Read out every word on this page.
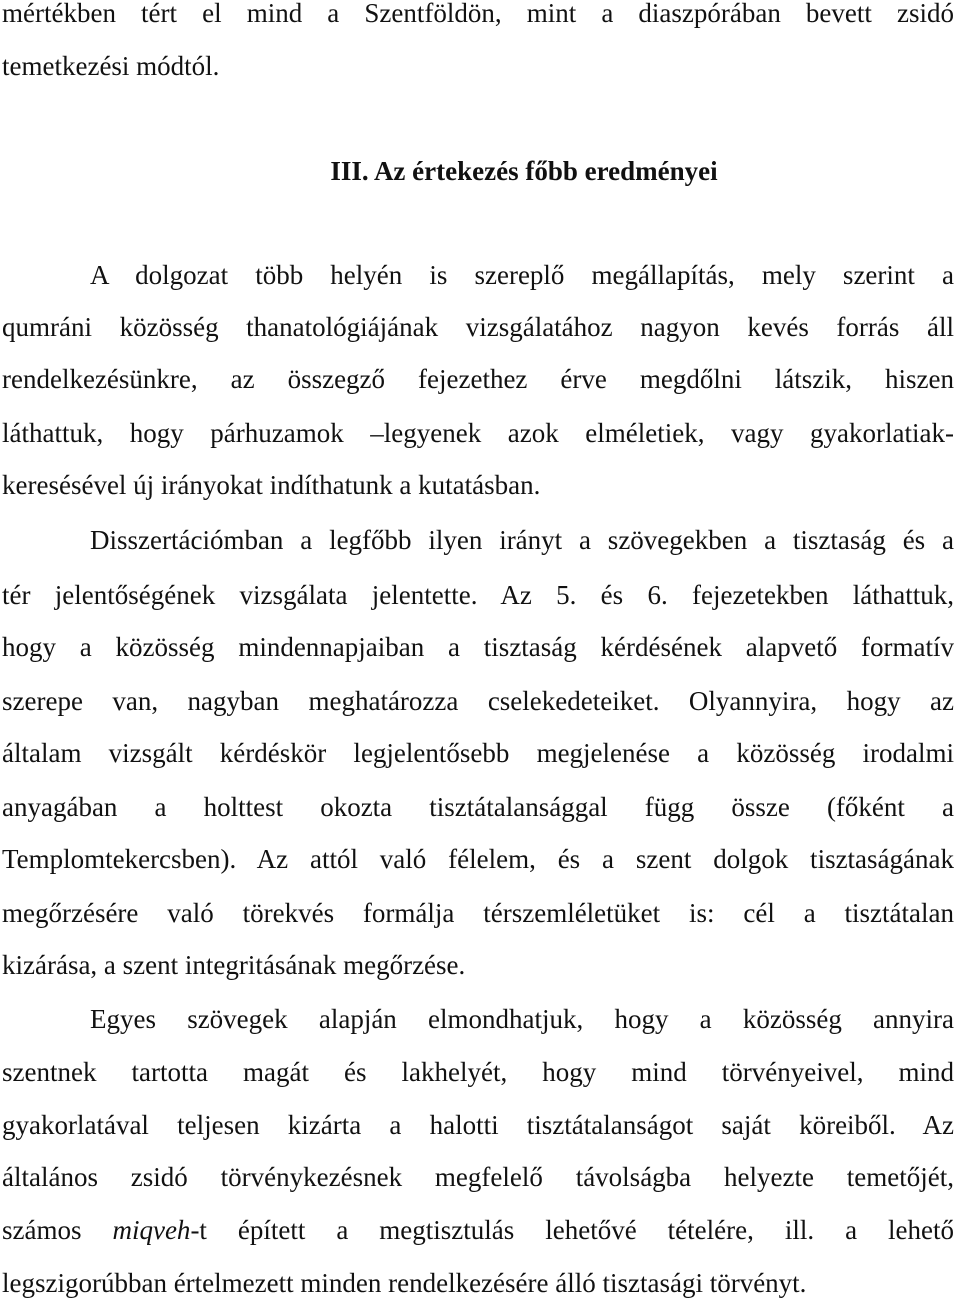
mértékben tért el mind a Szentföldön, mint a diaszpórában bevett zsidó
temetkezési módtól.
III. Az értekezés főbb eredményei
A dolgozat több helyén is szereplő megállapítás, mely szerint a
qumráni közösség thanatológiájának vizsgálatához nagyon kevés forrás áll
rendelkezésünkre, az összegző fejezethez érve megdőlni látszik, hiszen
láthattuk, hogy párhuzamok –legyenek azok elméletiek, vagy gyakorlatiak-
keresésével új irányokat indíthatunk a kutatásban.
Disszertációmban a legfőbb ilyen irányt a szövegekben a tisztaság és a
tér jelentőségének vizsgálata jelentette. Az 5. és 6. fejezetekben láthattuk,
hogy a közösség mindennapjaiban a tisztaság kérdésének alapvető formatív
szerepe van, nagyban meghatározza cselekedeteiket. Olyannyira, hogy az
általam vizsgált kérdéskör legjelentősebb megjelenése a közösség irodalmi
anyagában a holttest okozta tisztátalansággal függ össze (főként a
Templomtekercsben). Az attól való félelem, és a szent dolgok tisztaságának
megőrzésére való törekvés formálja térszemléletüket is: cél a tisztátalan
kizárása, a szent integritásának megőrzése.
Egyes szövegek alapján elmondhatjuk, hogy a közösség annyira
szentnek tartotta magát és lakhelyét, hogy mind törvényeivel, mind
gyakorlatával teljesen kizárta a halotti tisztátalanságot saját köreiből. Az
általános zsidó törvénykezésnek megfelelő távolságba helyezte temetőjét,
számos miqveh-t épített a megtisztulás lehetővé tételére, ill. a lehető
legszigorúbban értelmezett minden rendelkezésére álló tisztasági törvényt.
